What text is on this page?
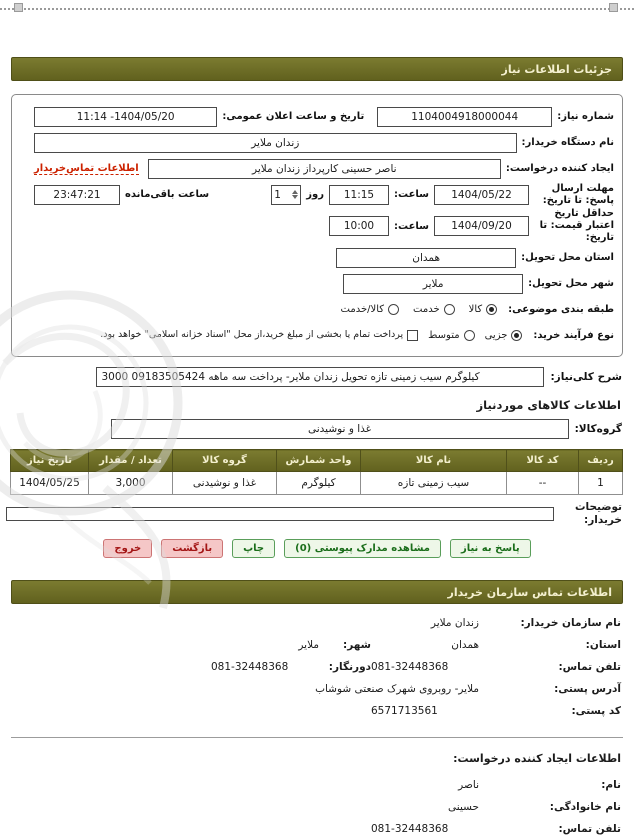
جزئیات اطلاعات نیاز
شماره نیاز:
1104004918000044
تاریخ و ساعت اعلان عمومی:
11:14 -1404/05/20
نام دستگاه خریدار:
زندان ملایر
ایجاد کننده درخواست:
ناصر حسینی کارپرداز زندان ملایر
اطلاعات تماس‌خریدار
مهلت ارسال پاسخ: تا تاریخ:
1404/05/22
ساعت:
11:15
روز
1
ساعت باقی‌مانده
23:47:21
حداقل تاریخ اعتبار قیمت: تا تاریخ:
1404/09/20
ساعت:
10:00
استان محل تحویل:
همدان
شهر محل تحویل:
ملایر
طبقه بندی موضوعی:
کالا
خدمت
کالا/خدمت
نوع فرآیند خرید:
جزیی
متوسط
پرداخت تمام یا بخشی از مبلغ خرید،از محل "اسناد خزانه اسلامی" خواهد بود.
شرح کلی‌نیاز:
3000 کیلوگرم سیب زمینی تازه تحویل زندان ملایر- پرداخت سه ماهه 09183505424
اطلاعات کالاهای موردنیاز
گروه‌کالا:
غذا و نوشیدنی
ردیف	کد کالا	نام کالا	واحد شمارش	گروه کالا	تعداد / مقدار	تاریخ نیاز
1	--	سیب زمینی تازه	کیلوگرم	غذا و نوشیدنی	3,000	1404/05/25
توضیحات خریدار:
پاسخ به نیاز
مشاهده مدارک پیوستی (0)
چاپ
بازگشت
خروج
اطلاعات تماس سازمان خریدار
نام سازمان خریدار:
زندان ملایر
استان:
همدان
شهر:
ملایر
تلفن تماس:
081-32448368
دورنگار:
081-32448368
آدرس پستی:
ملایر- روبروی شهرک صنعتی شوشاب
کد پستی:
6571713561
اطلاعات ایجاد کننده درخواست:
نام:
ناصر
نام خانوادگی:
حسینی
تلفن تماس:
081-32448368
